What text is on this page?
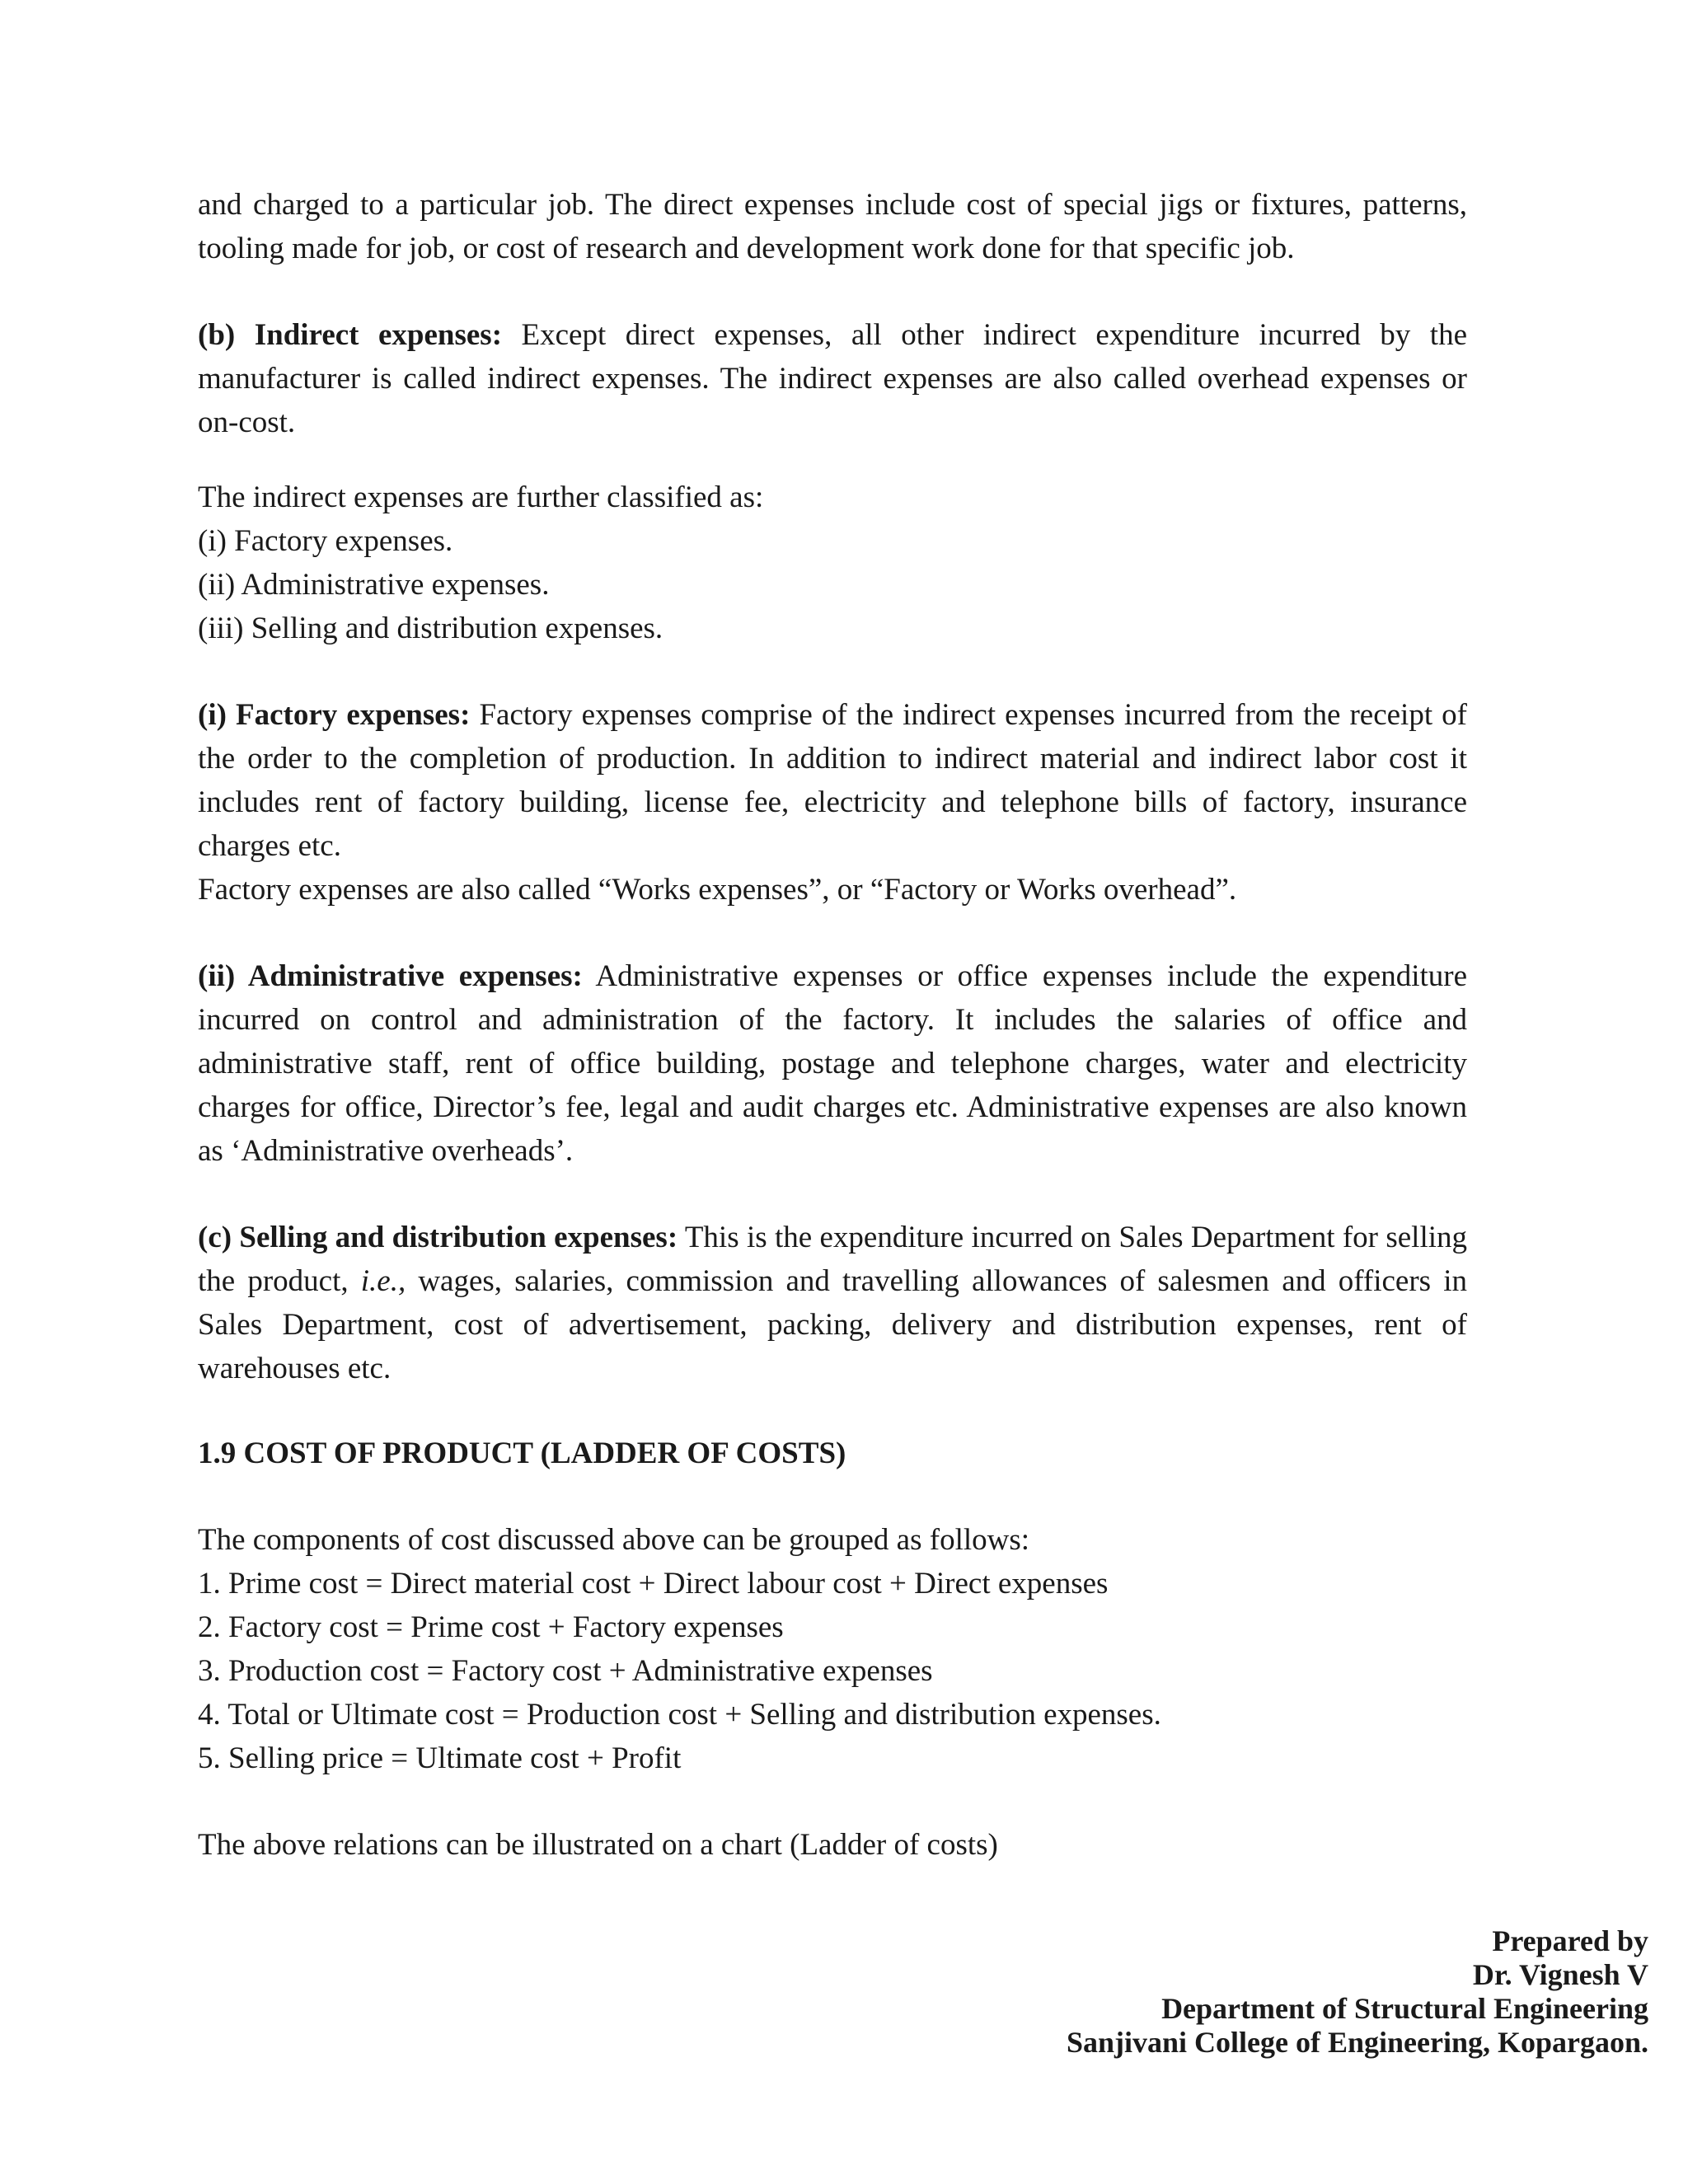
and charged to a particular job. The direct expenses include cost of special jigs or fixtures, patterns, tooling made for job, or cost of research and development work done for that specific job.

(b) Indirect expenses: Except direct expenses, all other indirect expenditure incurred by the manufacturer is called indirect expenses. The indirect expenses are also called overhead expenses or on-cost.

The indirect expenses are further classified as:
(i) Factory expenses.
(ii) Administrative expenses.
(iii) Selling and distribution expenses.

(i) Factory expenses: Factory expenses comprise of the indirect expenses incurred from the receipt of the order to the completion of production. In addition to indirect material and indirect labor cost it includes rent of factory building, license fee, electricity and telephone bills of factory, insurance charges etc.

Factory expenses are also called “Works expenses”, or “Factory or Works overhead”.

(ii) Administrative expenses: Administrative expenses or office expenses include the expenditure incurred on control and administration of the factory. It includes the salaries of office and administrative staff, rent of office building, postage and telephone charges, water and electricity charges for office, Director’s fee, legal and audit charges etc. Administrative expenses are also known as ‘Administrative overheads’.

(c) Selling and distribution expenses: This is the expenditure incurred on Sales Department for selling the product, i.e., wages, salaries, commission and travelling allowances of salesmen and officers in Sales Department, cost of advertisement, packing, delivery and distribution expenses, rent of warehouses etc.

1.9 COST OF PRODUCT (LADDER OF COSTS)
The components of cost discussed above can be grouped as follows:
1. Prime cost = Direct material cost + Direct labour cost + Direct expenses
2. Factory cost = Prime cost + Factory expenses
3. Production cost = Factory cost + Administrative expenses
4. Total or Ultimate cost = Production cost + Selling and distribution expenses.
5. Selling price = Ultimate cost + Profit

The above relations can be illustrated on a chart (Ladder of costs)

Prepared by
Dr. Vignesh V
Department of Structural Engineering
Sanjivani College of Engineering, Kopargaon.
